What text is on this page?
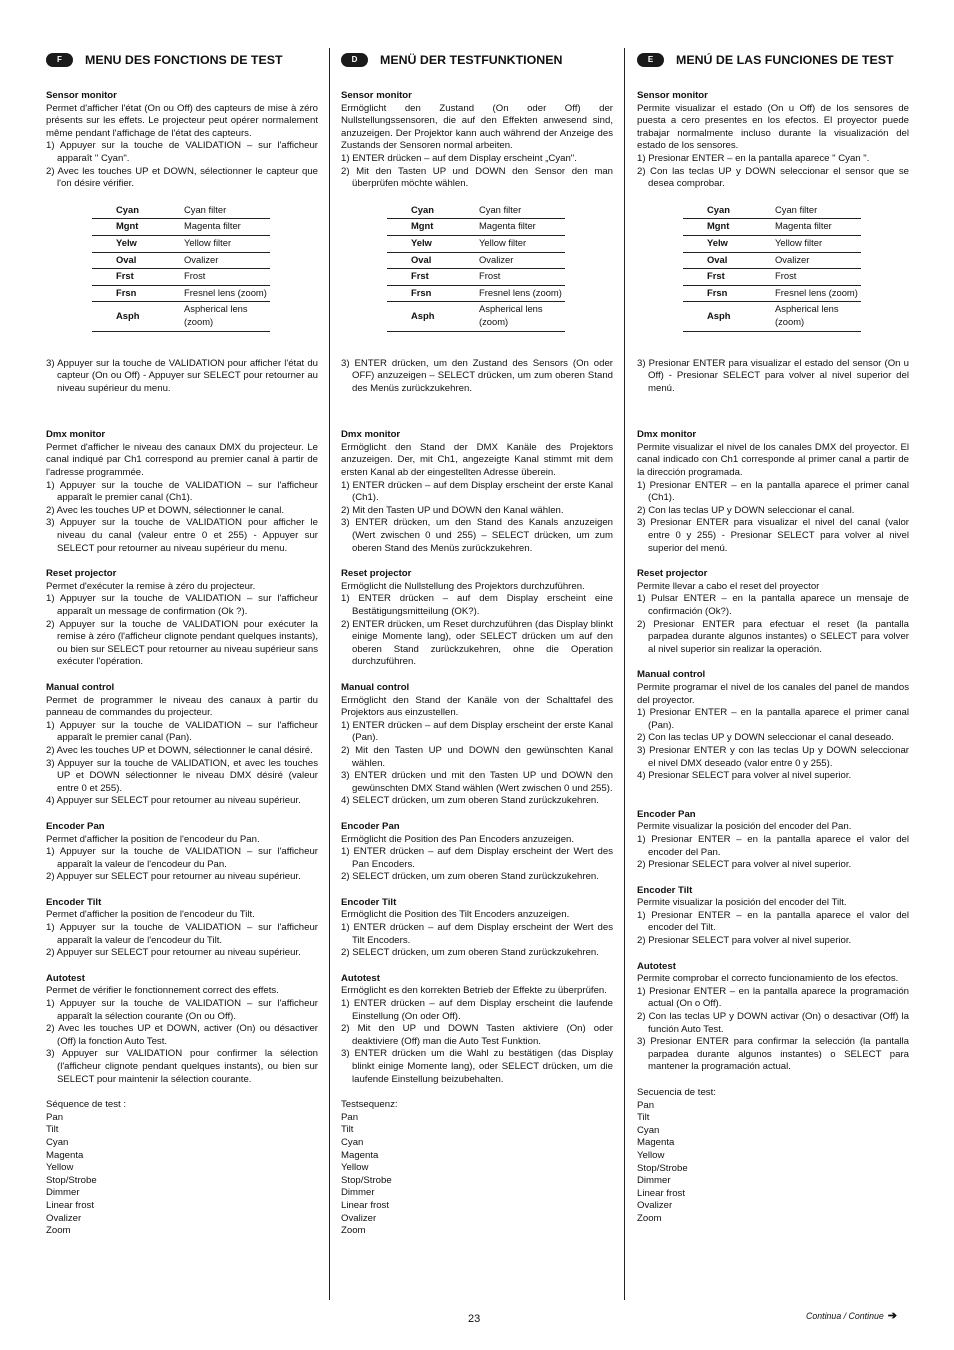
F	MENU DES FONCTIONS DE TEST
Sensor monitor

Permet d'afficher l'état (On ou Off) des capteurs de mise à zéro présents sur les effets. Le projecteur peut opérer normalement même pendant l'affichage de l'état des capteurs.

1) Appuyer sur la touche de VALIDATION – sur l'afficheur apparaît " Cyan".
2) Avec les touches UP et DOWN, sélectionner le capteur que l'on désire vérifier.
Cyan	Cyan filter
Mgnt	Magenta filter
Yelw	Yellow filter
Oval	Ovalizer
Frst	Frost
Frsn	Fresnel lens (zoom)
Asph	Aspherical lens (zoom)
3) Appuyer sur la touche de VALIDATION pour afficher l'état du capteur (On ou Off) - Appuyer sur SELECT pour retourner au niveau supérieur du menu.
Dmx monitor

Permet d'afficher le niveau des canaux DMX du projecteur. Le canal indiqué par Ch1 correspond au premier canal à partir de l'adresse programmée.

1) Appuyer sur la touche de VALIDATION – sur l'afficheur apparaît le premier canal (Ch1).
2) Avec les touches UP et DOWN, sélectionner le canal.
3) Appuyer sur la touche de VALIDATION pour afficher le niveau du canal (valeur entre 0 et 255) - Appuyer sur SELECT pour retourner au niveau supérieur du menu.
Reset projector

Permet d'exécuter la remise à zéro du projecteur.

1) Appuyer sur la touche de VALIDATION – sur l'afficheur apparaît un message de confirmation (Ok ?).
2) Appuyer sur la touche de VALIDATION pour exécuter la remise à zéro (l'afficheur clignote pendant quelques instants), ou bien sur SELECT pour retourner au niveau supérieur sans exécuter l'opération.
Manual control

Permet de programmer le niveau des canaux à partir du panneau de commandes du projecteur.

1) Appuyer sur la touche de VALIDATION – sur l'afficheur apparaît le premier canal (Pan).
2) Avec les touches UP et DOWN, sélectionner le canal désiré.
3) Appuyer sur la touche de VALIDATION, et avec les touches UP et DOWN sélectionner le niveau DMX désiré (valeur entre 0 et 255).
4) Appuyer sur SELECT pour retourner au niveau supérieur.
Encoder Pan

Permet d'afficher la position de l'encodeur du Pan.

1) Appuyer sur la touche de VALIDATION – sur l'afficheur apparaît la valeur de l'encodeur du Pan.
2) Appuyer sur SELECT pour retourner au niveau supérieur.
Encoder Tilt

Permet d'afficher la position de l'encodeur du Tilt.

1) Appuyer sur la touche de VALIDATION – sur l'afficheur apparaît la valeur de l'encodeur du Tilt.
2) Appuyer sur SELECT pour retourner au niveau supérieur.
Autotest

Permet de vérifier le fonctionnement correct des effets.

1) Appuyer sur la touche de VALIDATION – sur l'afficheur apparaît la sélection courante (On ou Off).
2) Avec les touches UP et DOWN, activer (On) ou désactiver (Off) la fonction Auto Test.
3) Appuyer sur VALIDATION pour confirmer la sélection (l'afficheur clignote pendant quelques instants), ou bien sur SELECT pour maintenir la sélection courante.
Séquence de test :
Pan
Tilt
Cyan
Magenta
Yellow
Stop/Strobe
Dimmer
Linear frost
Ovalizer
Zoom
D	MENÜ DER TESTFUNKTIONEN
Sensor monitor

Ermöglicht den Zustand (On oder Off) der Nullstellungssensoren, die auf den Effekten anwesend sind, anzuzeigen. Der Projektor kann auch während der Anzeige des Zustands der Sensoren normal arbeiten.

1) ENTER drücken – auf dem Display erscheint „Cyan".
2) Mit den Tasten UP und DOWN den Sensor den man überprüfen möchte wählen.
Cyan	Cyan filter
Mgnt	Magenta filter
Yelw	Yellow filter
Oval	Ovalizer
Frst	Frost
Frsn	Fresnel lens (zoom)
Asph	Aspherical lens (zoom)
3) ENTER drücken, um den Zustand des Sensors (On oder OFF) anzuzeigen – SELECT drücken, um zum oberen Stand des Menüs zurückzukehren.
Dmx monitor

Ermöglicht den Stand der DMX Kanäle des Projektors anzuzeigen. Der, mit Ch1, angezeigte Kanal stimmt mit dem ersten Kanal ab der eingestellten Adresse überein.

1) ENTER drücken – auf dem Display erscheint der erste Kanal (Ch1).
2) Mit den Tasten UP und DOWN den Kanal wählen.
3) ENTER drücken, um den Stand des Kanals anzuzeigen (Wert zwischen 0 und 255) – SELECT drücken, um zum oberen Stand des Menüs zurückzukehren.
Reset projector

Ermöglicht die Nullstellung des Projektors durchzuführen.

1) ENTER drücken – auf dem Display erscheint eine Bestätigungsmitteilung (OK?).
2) ENTER drücken, um Reset durchzuführen (das Display blinkt einige Momente lang), oder SELECT drücken um auf den oberen Stand zurückzukehren, ohne die Operation durchzuführen.
Manual control

Ermöglicht den Stand der Kanäle von der Schalttafel des Projektors aus einzustellen.

1) ENTER drücken – auf dem Display erscheint der erste Kanal (Pan).
2) Mit den Tasten UP und DOWN den gewünschten Kanal wählen.
3) ENTER drücken und mit den Tasten UP und DOWN den gewünschten DMX Stand wählen (Wert zwischen 0 und 255).
4) SELECT drücken, um zum oberen Stand zurückzukehren.
Encoder Pan

Ermöglicht die Position des Pan Encoders anzuzeigen.

1) ENTER drücken – auf dem Display erscheint der Wert des Pan Encoders.
2) SELECT drücken, um zum oberen Stand zurückzukehren.
Encoder Tilt

Ermöglicht die Position des Tilt Encoders anzuzeigen.

1) ENTER drücken – auf dem Display erscheint der Wert des Tilt Encoders.
2) SELECT drücken, um zum oberen Stand zurückzukehren.
Autotest

Ermöglicht es den korrekten Betrieb der Effekte zu überprüfen.

1) ENTER drücken – auf dem Display erscheint die laufende Einstellung (On oder Off).
2) Mit den UP und DOWN Tasten aktiviere (On) oder deaktiviere (Off) man die Auto Test Funktion.
3) ENTER drücken um die Wahl zu bestätigen (das Display blinkt einige Momente lang), oder SELECT drücken, um die laufende Einstellung beizubehalten.
Testsequenz:
Pan
Tilt
Cyan
Magenta
Yellow
Stop/Strobe
Dimmer
Linear frost
Ovalizer
Zoom
E	MENÚ DE LAS FUNCIONES DE TEST
Sensor monitor

Permite visualizar el estado (On u Off) de los sensores de puesta a cero presentes en los efectos. El proyector puede trabajar normalmente incluso durante la visualización del estado de los sensores.

1) Presionar ENTER – en la pantalla aparece " Cyan ".
2) Con las teclas UP y DOWN seleccionar el sensor que se desea comprobar.
Cyan	Cyan filter
Mgnt	Magenta filter
Yelw	Yellow filter
Oval	Ovalizer
Frst	Frost
Frsn	Fresnel lens (zoom)
Asph	Aspherical lens (zoom)
3) Presionar ENTER para visualizar el estado del sensor (On u Off) - Presionar SELECT para volver al nivel superior del menú.
Dmx monitor

Permite visualizar el nivel de los canales DMX del proyector. El canal indicado con Ch1 corresponde al primer canal a partir de la dirección programada.

1) Presionar ENTER – en la pantalla aparece el primer canal (Ch1).
2) Con las teclas UP y DOWN seleccionar el canal.
3) Presionar ENTER para visualizar el nivel del canal (valor entre 0 y 255) - Presionar SELECT para volver al nivel superior del menú.
Reset projector

Permite llevar a cabo el reset del proyector

1) Pulsar ENTER – en la pantalla aparece un mensaje de confirmación (Ok?).
2) Presionar ENTER para efectuar el reset (la pantalla parpadea durante algunos instantes) o SELECT para volver al nivel superior sin realizar la operación.
Manual control

Permite programar el nivel de los canales del panel de mandos del proyector.

1) Presionar ENTER – en la pantalla aparece el primer canal (Pan).
2) Con las teclas UP y DOWN seleccionar el canal deseado.
3) Presionar ENTER y con las teclas Up y DOWN seleccionar el nivel DMX deseado (valor entre 0 y 255).
4) Presionar SELECT para volver al nivel superior.
Encoder Pan

Permite visualizar la posición del encoder del Pan.

1) Presionar ENTER – en la pantalla aparece el valor del encoder del Pan.
2) Presionar SELECT para volver al nivel superior.
Encoder Tilt

Permite visualizar la posición del encoder del Tilt.

1) Presionar ENTER – en la pantalla aparece el valor del encoder del Tilt.
2) Presionar SELECT para volver al nivel superior.
Autotest

Permite comprobar el correcto funcionamiento de los efectos.

1) Presionar ENTER – en la pantalla aparece la programación actual (On o Off).
2) Con las teclas UP y DOWN activar (On) o desactivar (Off) la función Auto Test.
3) Presionar ENTER para confirmar la selección (la pantalla parpadea durante algunos instantes) o SELECT para mantener la programación actual.
Secuencia de test:
Pan
Tilt
Cyan
Magenta
Yellow
Stop/Strobe
Dimmer
Linear frost
Ovalizer
Zoom
23	Continua / Continue ➔
